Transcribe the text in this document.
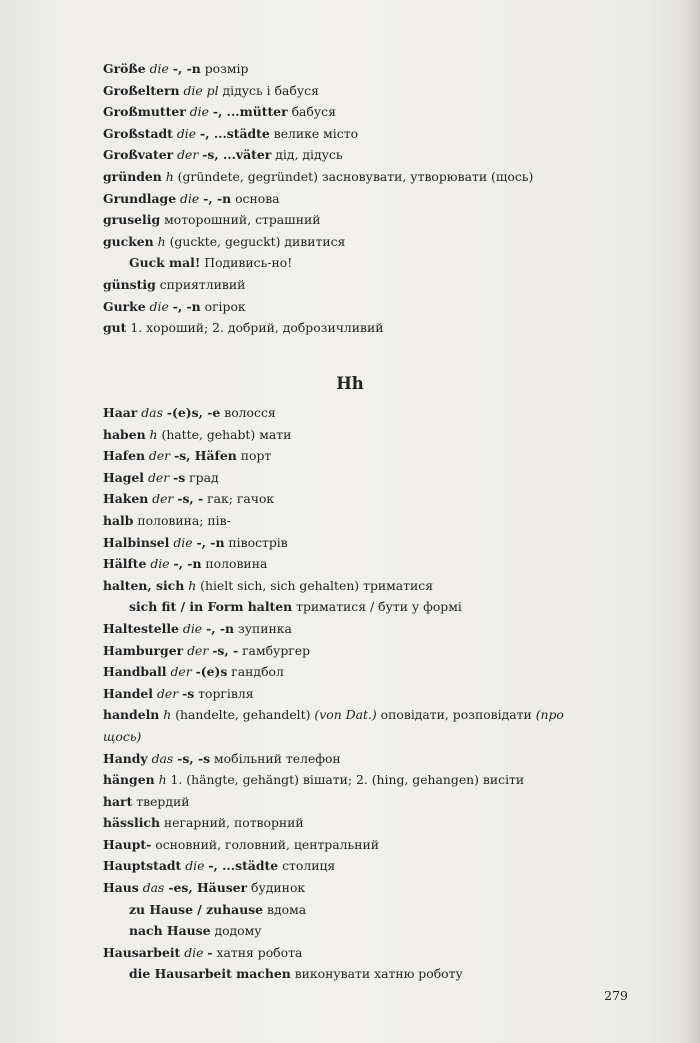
Größe die -, -n розмір
Großeltern die pl дідусь і бабуся
Großmutter die -, ...mütter бабуся
Großstadt die -, ...städte велике місто
Großvater der -s, ...väter дід, дідусь
gründen h (gründete, gegründet) засновувати, утворювати (щось)
Grundlage die -, -n основа
gruselig моторошний, страшний
gucken h (guckte, geguckt) дивитися
Guck mal! Подивись-но!
günstig сприятливий
Gurke die -, -n огірок
gut 1. хороший; 2. добрий, доброзичливий
Hh
Haar das -(e)s, -e волосся
haben h (hatte, gehabt) мати
Hafen der -s, Häfen порт
Hagel der -s град
Haken der -s, - гак; гачок
halb половина; пів-
Halbinsel die -, -n півострів
Hälfte die -, -n половина
halten, sich h (hielt sich, sich gehalten) триматися
sich fit / in Form halten триматися / бути у формі
Haltestelle die -, -n зупинка
Hamburger der -s, - гамбургер
Handball der -(e)s гандбол
Handel der -s торгівля
handeln h (handelte, gehandelt) (von Dat.) оповідати, розповідати (про щось)
Handy das -s, -s мобільний телефон
hängen h 1. (hängte, gehängt) вішати; 2. (hing, gehangen) висіти
hart твердий
hässlich негарний, потворний
Haupt- основний, головний, центральний
Hauptstadt die -, ...städte столиця
Haus das -es, Häuser будинок
zu Hause / zuhause вдома
nach Hause додому
Hausarbeit die - хатня робота
die Hausarbeit machen виконувати хатню роботу
279
